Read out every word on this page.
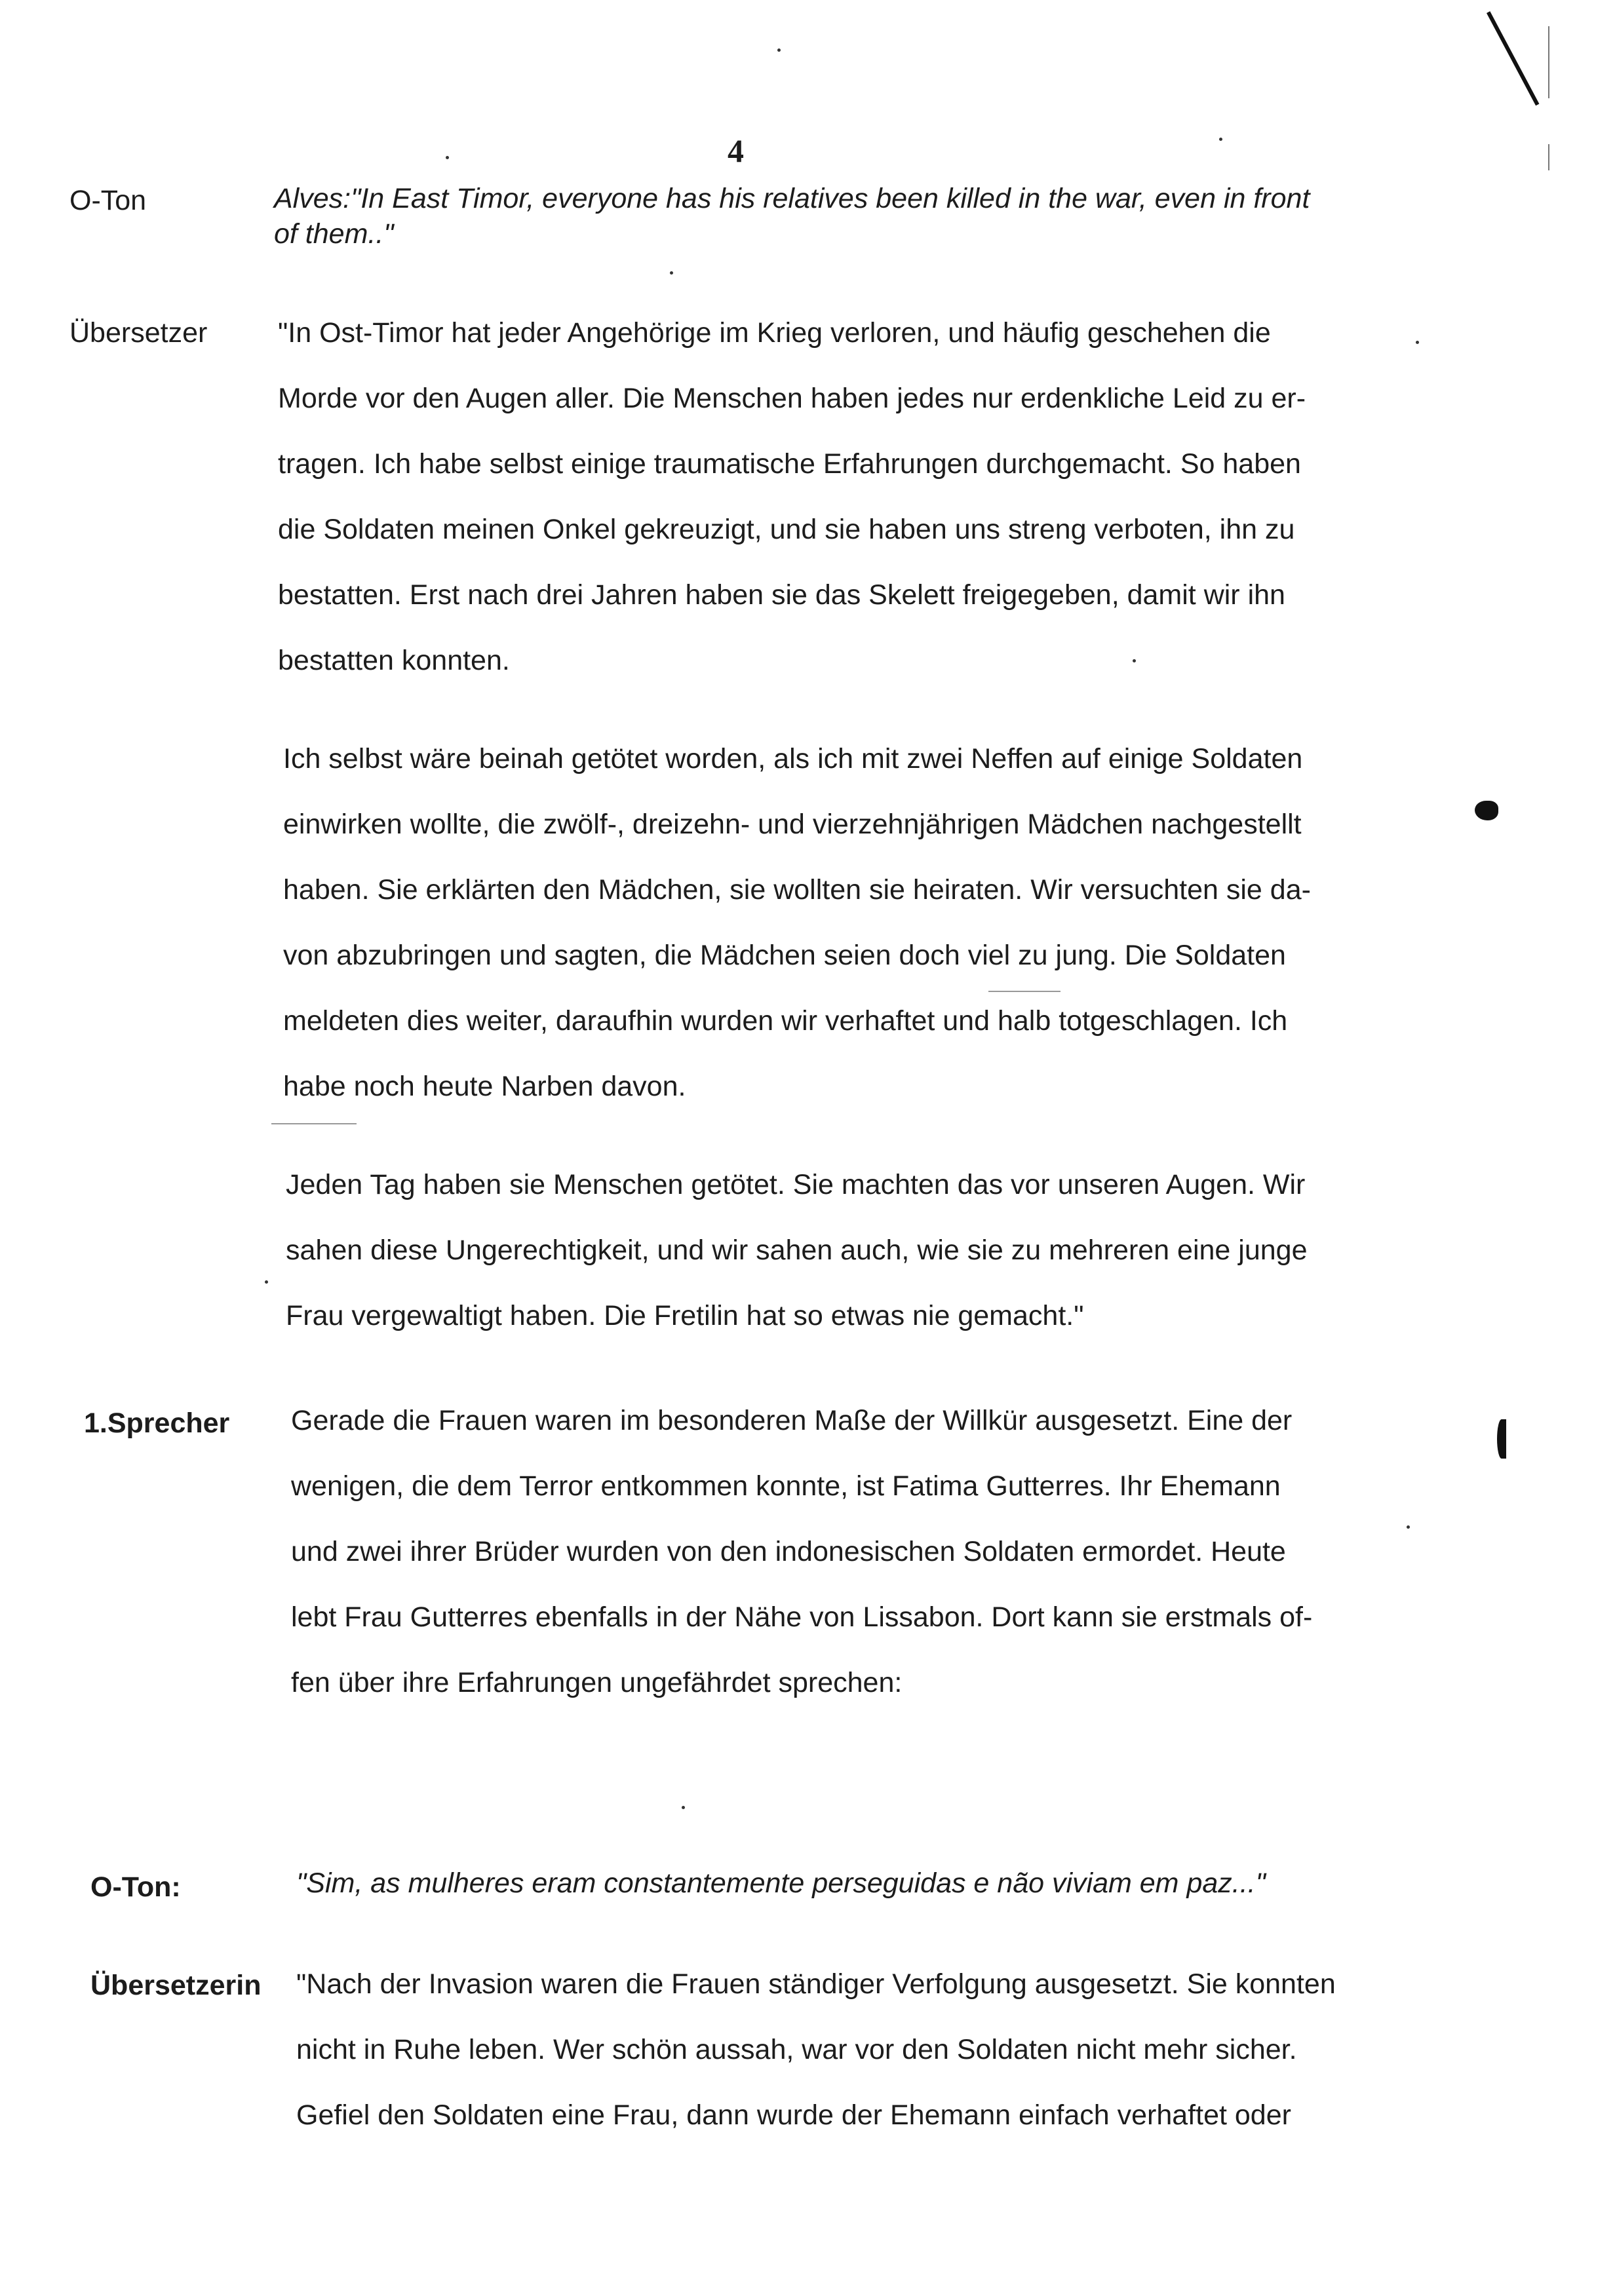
4
O-Ton	Alves:"In East Timor, everyone has his relatives been killed in the war, even in front

of them.."

Übersetzer	"In Ost-Timor hat jeder Angehörige im Krieg verloren, und häufig geschehen die

Morde vor den Augen aller. Die Menschen haben jedes nur erdenkliche Leid zu er-

tragen. Ich habe selbst einige traumatische Erfahrungen durchgemacht. So haben

die Soldaten meinen Onkel gekreuzigt, und sie haben uns streng verboten, ihn zu

bestatten. Erst nach drei Jahren haben sie das Skelett freigegeben, damit wir ihn

bestatten konnten.

Ich selbst wäre beinah getötet worden, als ich mit zwei Neffen auf einige Soldaten

einwirken wollte, die zwölf-, dreizehn- und vierzehnjährigen Mädchen nachgestellt

haben. Sie erklärten den Mädchen, sie wollten sie heiraten. Wir versuchten sie da-

von abzubringen und sagten, die Mädchen seien doch viel zu jung. Die Soldaten

meldeten dies weiter, daraufhin wurden wir verhaftet und halb totgeschlagen. Ich

habe noch heute Narben davon.

Jeden Tag haben sie Menschen getötet. Sie machten das vor unseren Augen. Wir

sahen diese Ungerechtigkeit, und wir sahen auch, wie sie zu mehreren eine junge

Frau vergewaltigt haben. Die Fretilin hat so etwas nie gemacht."

1.Sprecher Gerade die Frauen waren im besonderen Maße der Willkür ausgesetzt. Eine der

wenigen, die dem Terror entkommen konnte, ist Fatima Gutterres. Ihr Ehemann

und zwei ihrer Brüder wurden von den indonesischen Soldaten ermordet. Heute

lebt Frau Gutterres ebenfalls in der Nähe von Lissabon. Dort kann sie erstmals of-

fen über ihre Erfahrungen ungefährdet sprechen:

O-Ton:	"Sim, as mulheres eram constantemente perseguidas e não viviam em paz..."

Übersetzerin "Nach der Invasion waren die Frauen ständiger Verfolgung ausgesetzt. Sie konnten

nicht in Ruhe leben. Wer schön aussah, war vor den Soldaten nicht mehr sicher.

Gefiel den Soldaten eine Frau, dann wurde der Ehemann einfach verhaftet oder
